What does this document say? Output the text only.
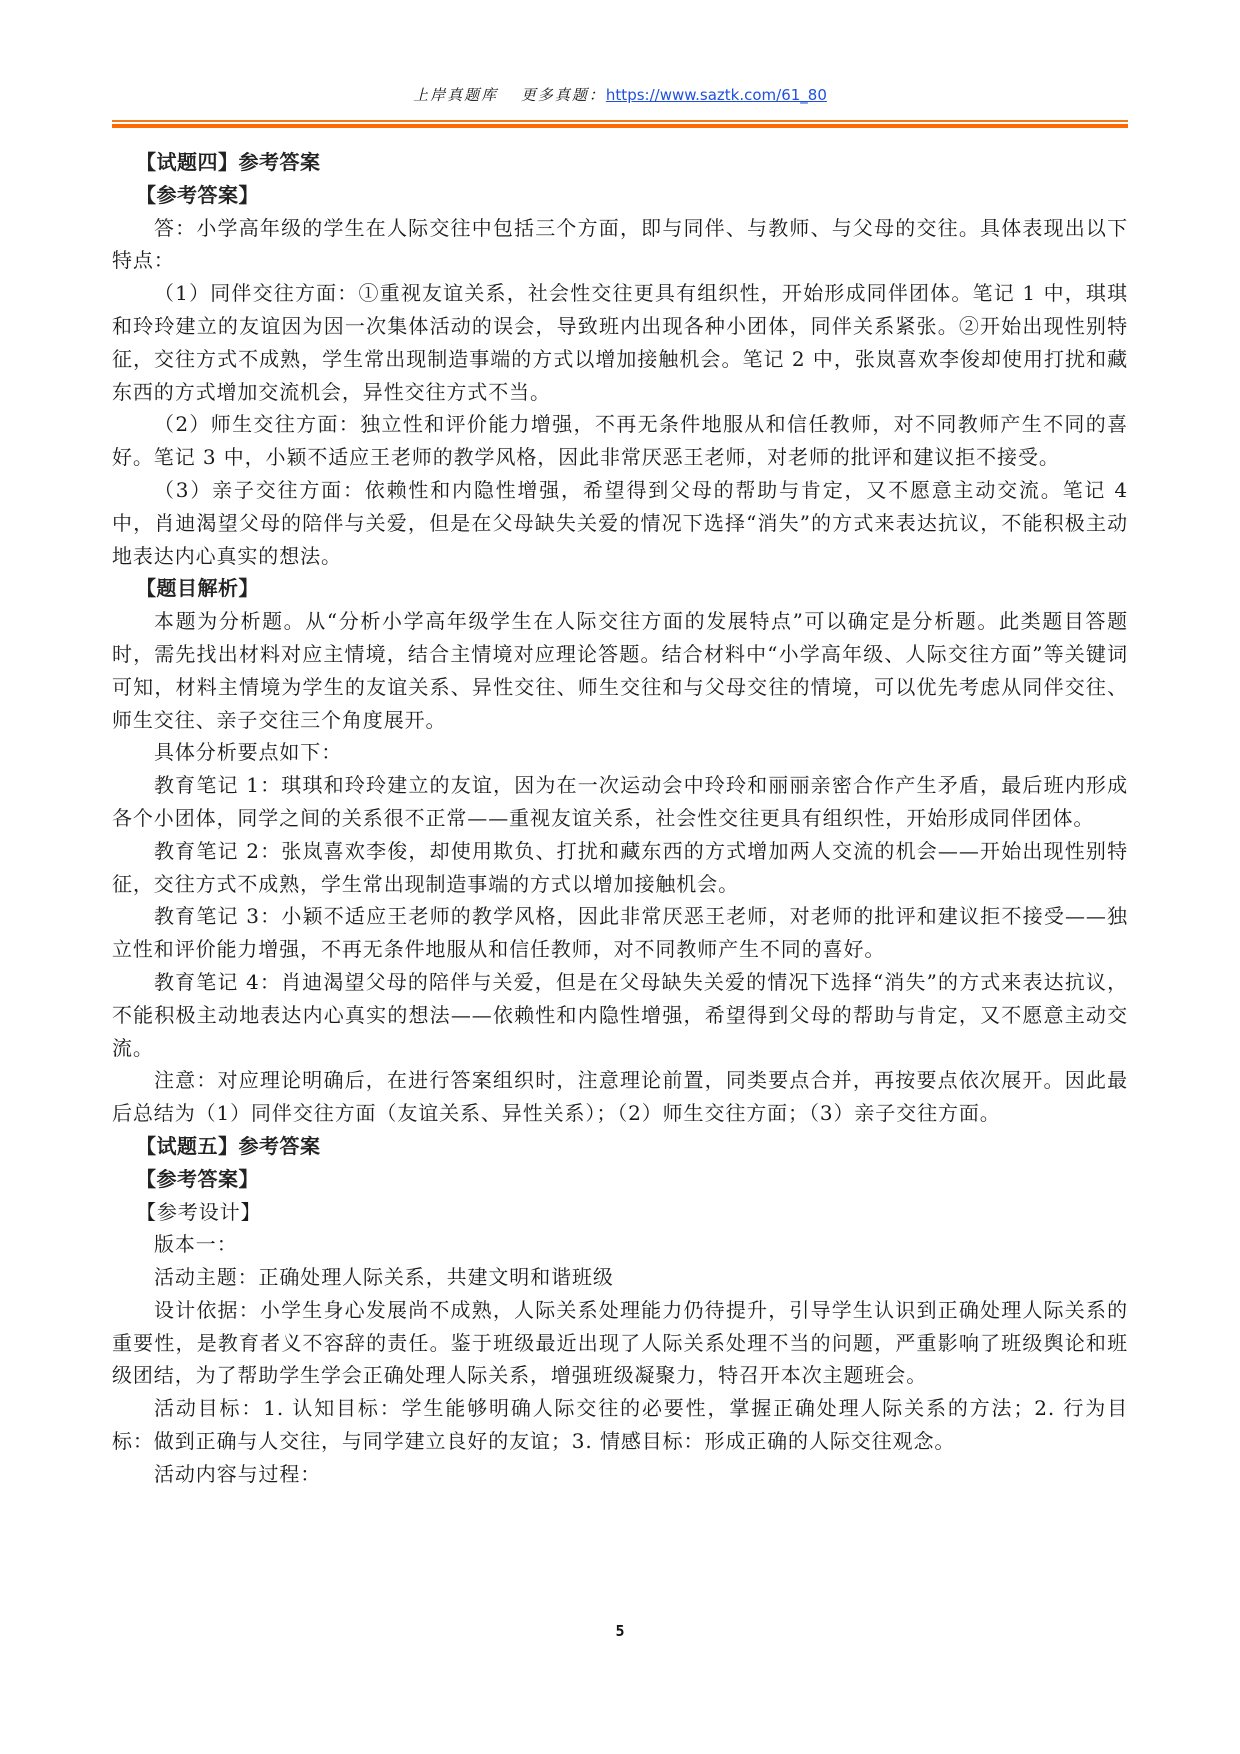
上岸真题库 更多真题：https://www.saztk.com/61_80

【试题四】参考答案

【参考答案】

答：小学高年级的学生在人际交往中包括三个方面，即与同伴、与教师、与父母的交往。具体表现出以下特点：

（1）同伴交往方面：①重视友谊关系，社会性交往更具有组织性，开始形成同伴团体。笔记 1 中，琪琪和玲玲建立的友谊因为因一次集体活动的误会，导致班内出现各种小团体，同伴关系紧张。②开始出现性别特征，交往方式不成熟，学生常出现制造事端的方式以增加接触机会。笔记 2 中，张岚喜欢李俊却使用打扰和藏东西的方式增加交流机会，异性交往方式不当。

（2）师生交往方面：独立性和评价能力增强，不再无条件地服从和信任教师，对不同教师产生不同的喜好。笔记 3 中，小颖不适应王老师的教学风格，因此非常厌恶王老师，对老师的批评和建议拒不接受。

（3）亲子交往方面：依赖性和内隐性增强，希望得到父母的帮助与肯定，又不愿意主动交流。笔记 4 中，肖迪渴望父母的陪伴与关爱，但是在父母缺失关爱的情况下选择“消失”的方式来表达抗议，不能积极主动地表达内心真实的想法。

【题目解析】

本题为分析题。从“分析小学高年级学生在人际交往方面的发展特点”可以确定是分析题。此类题目答题时，需先找出材料对应主情境，结合主情境对应理论答题。结合材料中“小学高年级、人际交往方面”等关键词可知，材料主情境为学生的友谊关系、异性交往、师生交往和与父母交往的情境，可以优先考虑从同伴交往、师生交往、亲子交往三个角度展开。

具体分析要点如下：

教育笔记 1：琪琪和玲玲建立的友谊，因为在一次运动会中玲玲和丽丽亲密合作产生矛盾，最后班内形成各个小团体，同学之间的关系很不正常——重视友谊关系，社会性交往更具有组织性，开始形成同伴团体。

教育笔记 2：张岚喜欢李俊，却使用欺负、打扰和藏东西的方式增加两人交流的机会——开始出现性别特征，交往方式不成熟，学生常出现制造事端的方式以增加接触机会。

教育笔记 3：小颖不适应王老师的教学风格，因此非常厌恶王老师，对老师的批评和建议拒不接受——独立性和评价能力增强，不再无条件地服从和信任教师，对不同教师产生不同的喜好。

教育笔记 4：肖迪渴望父母的陪伴与关爱，但是在父母缺失关爱的情况下选择“消失”的方式来表达抗议，不能积极主动地表达内心真实的想法——依赖性和内隐性增强，希望得到父母的帮助与肯定，又不愿意主动交流。

注意：对应理论明确后，在进行答案组织时，注意理论前置，同类要点合并，再按要点依次展开。因此最后总结为（1）同伴交往方面（友谊关系、异性关系）；（2）师生交往方面；（3）亲子交往方面。

【试题五】参考答案

【参考答案】

【参考设计】

版本一：

活动主题：正确处理人际关系，共建文明和谐班级

设计依据：小学生身心发展尚不成熟，人际关系处理能力仍待提升，引导学生认识到正确处理人际关系的重要性，是教育者义不容辞的责任。鉴于班级最近出现了人际关系处理不当的问题，严重影响了班级舆论和班级团结，为了帮助学生学会正确处理人际关系，增强班级凝聚力，特召开本次主题班会。

活动目标：1. 认知目标：学生能够明确人际交往的必要性，掌握正确处理人际关系的方法；2. 行为目标：做到正确与人交往，与同学建立良好的友谊；3. 情感目标：形成正确的人际交往观念。

活动内容与过程：

5
